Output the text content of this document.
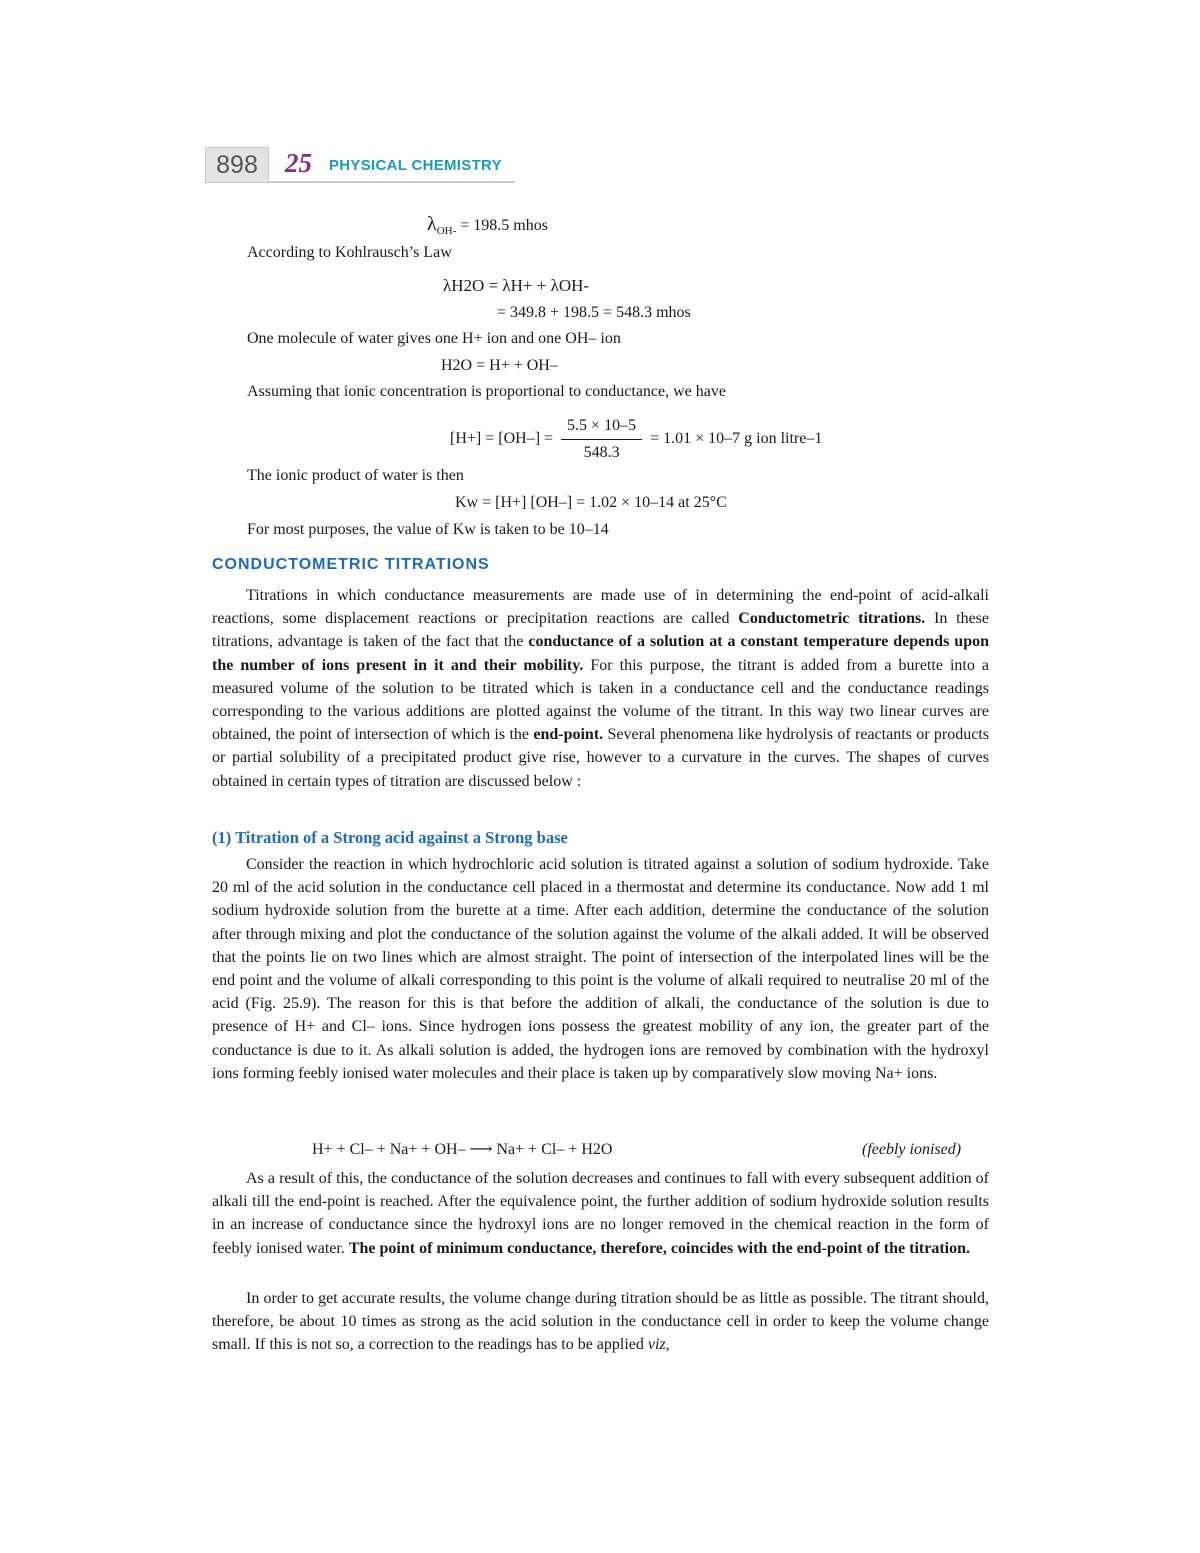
898	25 PHYSICAL CHEMISTRY
$\lambda_{OH-} = 198.5$ mhos
According to Kohlrausch’s Law
λH2O = λH+ + λOH-
= 349.8 + 198.5 = 548.3 mhos
One molecule of water gives one H+ ion and one OH– ion
H2O = H+ + OH–
Assuming that ionic concentration is proportional to conductance, we have
$[H+] = [OH-] = \frac{5.5 \times 10-5}{548.3} = 1.01 \times 10-7$ g ion litre–1
The ionic product of water is then
Kw = [H+] [OH–] = 1.02 × 10–14 at 25°C
For most purposes, the value of Kw is taken to be 10–14
CONDUCTOMETRIC TITRATIONS

Titrations in which conductance measurements are made use of in determining the end-point of acid-alkali reactions, some displacement reactions or precipitation reactions are called Conductometric titrations. In these titrations, advantage is taken of the fact that the conductance of a solution at a constant temperature depends upon the number of ions present in it and their mobility. For this purpose, the titrant is added from a burette into a measured volume of the solution to be titrated which is taken in a conductance cell and the conductance readings corresponding to the various additions are plotted against the volume of the titrant. In this way two linear curves are obtained, the point of intersection of which is the end-point. Several phenomena like hydrolysis of reactants or products or partial solubility of a precipitated product give rise, however to a curvature in the curves. The shapes of curves obtained in certain types of titration are discussed below :

(1) Titration of a Strong acid against a Strong base

Consider the reaction in which hydrochloric acid solution is titrated against a solution of sodium hydroxide. Take 20 ml of the acid solution in the conductance cell placed in a thermostat and determine its conductance. Now add 1 ml sodium hydroxide solution from the burette at a time. After each addition, determine the conductance of the solution after through mixing and plot the conductance of the solution against the volume of the alkali added. It will be observed that the points lie on two lines which are almost straight. The point of intersection of the interpolated lines will be the end point and the volume of alkali corresponding to this point is the volume of alkali required to neutralise 20 ml of the acid (Fig. 25.9). The reason for this is that before the addition of alkali, the conductance of the solution is due to presence of H+ and Cl– ions. Since hydrogen ions possess the greatest mobility of any ion, the greater part of the conductance is due to it. As alkali solution is added, the hydrogen ions are removed by combination with the hydroxyl ions forming feebly ionised water molecules and their place is taken up by comparatively slow moving Na+ ions.

H+ + Cl– + Na+ + OH– ⟶ Na+ + Cl– + H2O	(feebly ionised)

As a result of this, the conductance of the solution decreases and continues to fall with every subsequent addition of alkali till the end-point is reached. After the equivalence point, the further addition of sodium hydroxide solution results in an increase of conductance since the hydroxyl ions are no longer removed in the chemical reaction in the form of feebly ionised water. The point of minimum conductance, therefore, coincides with the end-point of the titration.

In order to get accurate results, the volume change during titration should be as little as possible. The titrant should, therefore, be about 10 times as strong as the acid solution in the conductance cell in order to keep the volume change small. If this is not so, a correction to the readings has to be applied viz,
